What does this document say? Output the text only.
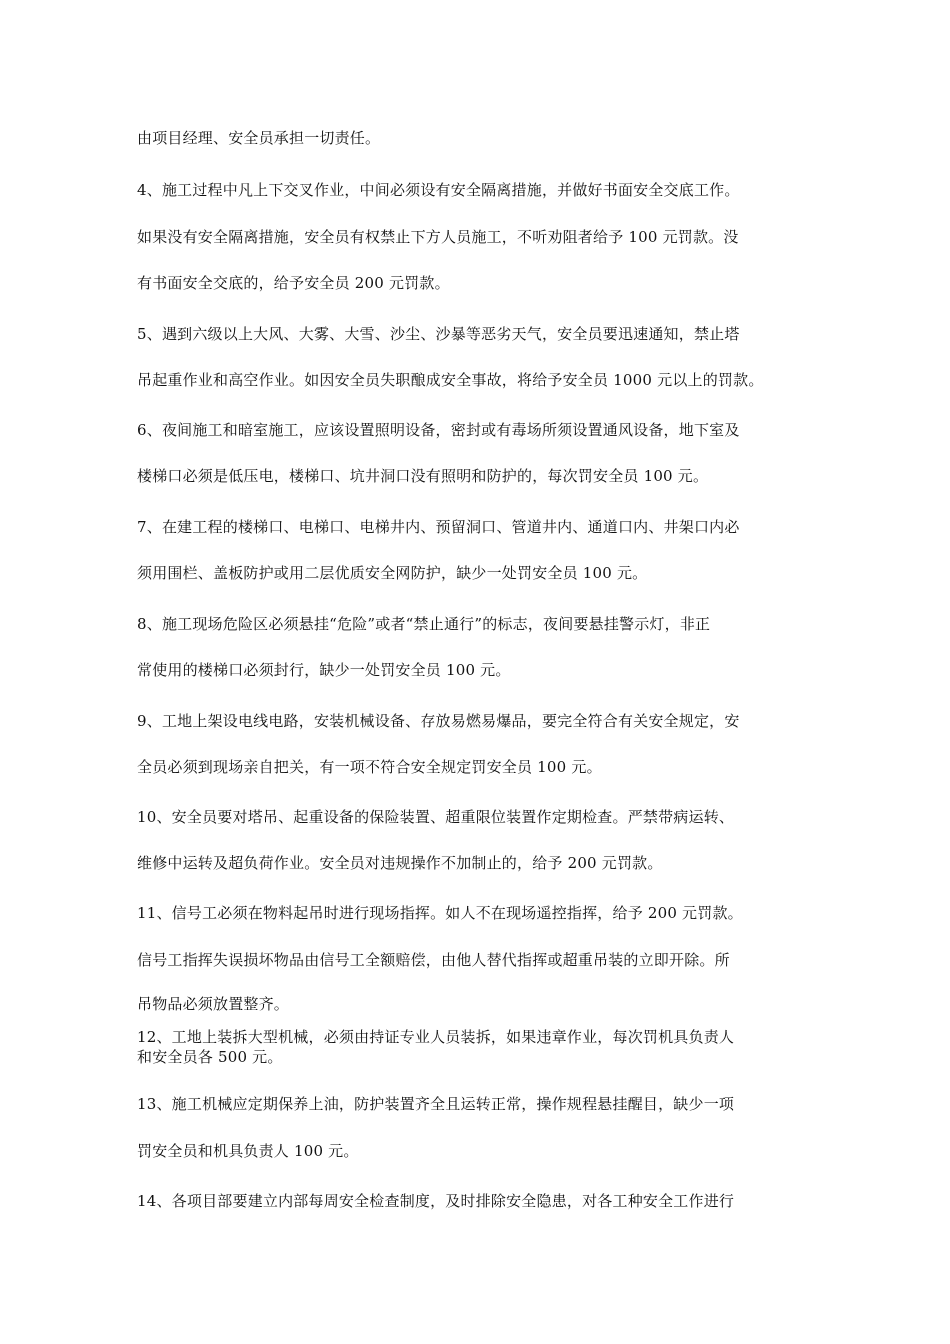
由项目经理、安全员承担一切责任。
4、施工过程中凡上下交叉作业，中间必须设有安全隔离措施，并做好书面安全交底工作。
如果没有安全隔离措施，安全员有权禁止下方人员施工，不听劝阻者给予 100 元罚款。没
有书面安全交底的，给予安全员 200 元罚款。
5、遇到六级以上大风、大雾、大雪、沙尘、沙暴等恶劣天气，安全员要迅速通知，禁止塔
吊起重作业和高空作业。如因安全员失职酿成安全事故，将给予安全员 1000 元以上的罚款。
6、夜间施工和暗室施工，应该设置照明设备，密封或有毒场所须设置通风设备，地下室及
楼梯口必须是低压电，楼梯口、坑井洞口没有照明和防护的，每次罚安全员 100 元。
7、在建工程的楼梯口、电梯口、电梯井内、预留洞口、管道井内、通道口内、井架口内必
须用围栏、盖板防护或用二层优质安全网防护，缺少一处罚安全员 100 元。
8、施工现场危险区必须悬挂“危险”或者“禁止通行”的标志，夜间要悬挂警示灯，非正
常使用的楼梯口必须封行，缺少一处罚安全员 100 元。
9、工地上架设电线电路，安装机械设备、存放易燃易爆品，要完全符合有关安全规定，安
全员必须到现场亲自把关，有一项不符合安全规定罚安全员 100 元。
10、安全员要对塔吊、起重设备的保险装置、超重限位装置作定期检查。严禁带病运转、
维修中运转及超负荷作业。安全员对违规操作不加制止的，给予 200 元罚款。
11、信号工必须在物料起吊时进行现场指挥。如人不在现场遥控指挥，给予 200 元罚款。
信号工指挥失误损坏物品由信号工全额赔偿，由他人替代指挥或超重吊装的立即开除。所
吊物品必须放置整齐。
12、工地上装拆大型机械，必须由持证专业人员装拆，如果违章作业，每次罚机具负责人
和安全员各 500 元。
13、施工机械应定期保养上油，防护装置齐全且运转正常，操作规程悬挂醒目，缺少一项
罚安全员和机具负责人 100 元。
14、各项目部要建立内部每周安全检查制度，及时排除安全隐患，对各工种安全工作进行
